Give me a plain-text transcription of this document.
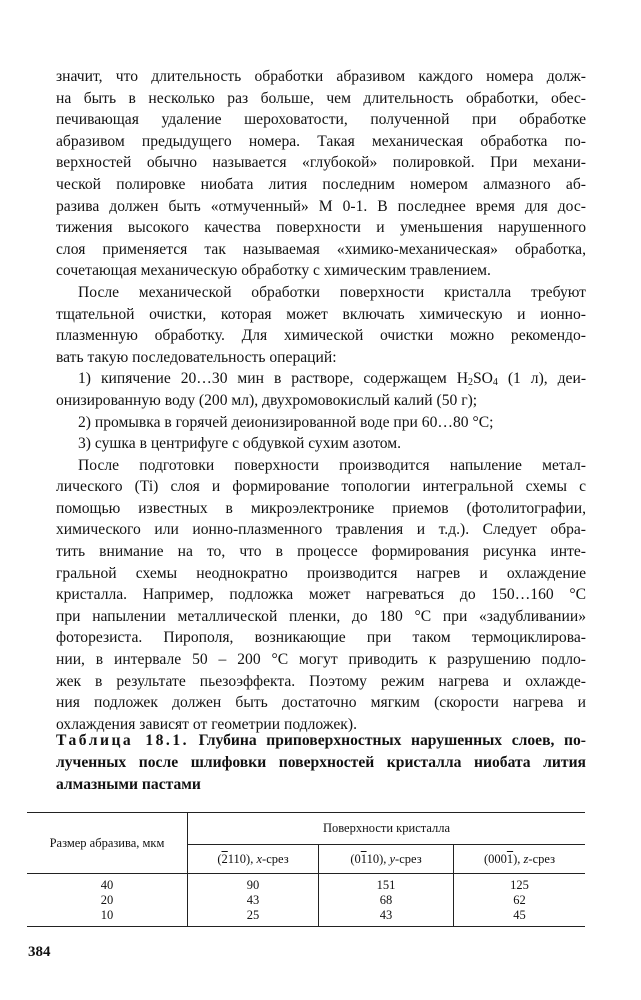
значит, что длительность обработки абразивом каждого номера долж-
на быть в несколько раз больше, чем длительность обработки, обес-
печивающая удаление шероховатости, полученной при обработке
абразивом предыдущего номера. Такая механическая обработка по-
верхностей обычно называется «глубокой» полировкой. При механи-
ческой полировке ниобата лития последним номером алмазного аб-
разива должен быть «отмученный» М 0-1. В последнее время для дос-
тижения высокого качества поверхности и уменьшения нарушенного
слоя применяется так называемая «химико-механическая» обработка,
сочетающая механическую обработку с химическим травлением.
После механической обработки поверхности кристалла требуют
тщательной очистки, которая может включать химическую и ионно-
плазменную обработку. Для химической очистки можно рекомендо-
вать такую последовательность операций:
1) кипячение 20…30 мин в растворе, содержащем $H_2SO_4$ (1 л), деи-
онизированную воду (200 мл), двухромовокислый калий (50 г);
2) промывка в горячей деионизированной воде при 60…80 °С;
3) сушка в центрифуге с обдувкой сухим азотом.
После подготовки поверхности производится напыление метал-
лического (Ti) слоя и формирование топологии интегральной схемы с
помощью известных в микроэлектронике приемов (фотолитографии,
химического или ионно-плазменного травления и т.д.). Следует обра-
тить внимание на то, что в процессе формирования рисунка инте-
гральной схемы неоднократно производится нагрев и охлаждение
кристалла. Например, подложка может нагреваться до 150…160 °С
при напылении металлической пленки, до 180 °С при «задубливании»
фоторезиста. Пирополя, возникающие при таком термоциклирова-
нии, в интервале 50 – 200 °С могут приводить к разрушению подло-
жек в результате пьезоэффекта. Поэтому режим нагрева и охлажде-
ния подложек должен быть достаточно мягким (скорости нагрева и
охлаждения зависят от геометрии подложек).
Таблица 18.1. Глубина приповерхностных нарушенных слоев, по-
лученных после шлифовки поверхностей кристалла ниобата лития
алмазными пастами
Размер абразива, мкм	Поверхности кристалла		
	(2110), x-срез	(0110), y-срез	(0001), z-срез
40	90	151	125
20	43	68	62
10	25	43	45
384
